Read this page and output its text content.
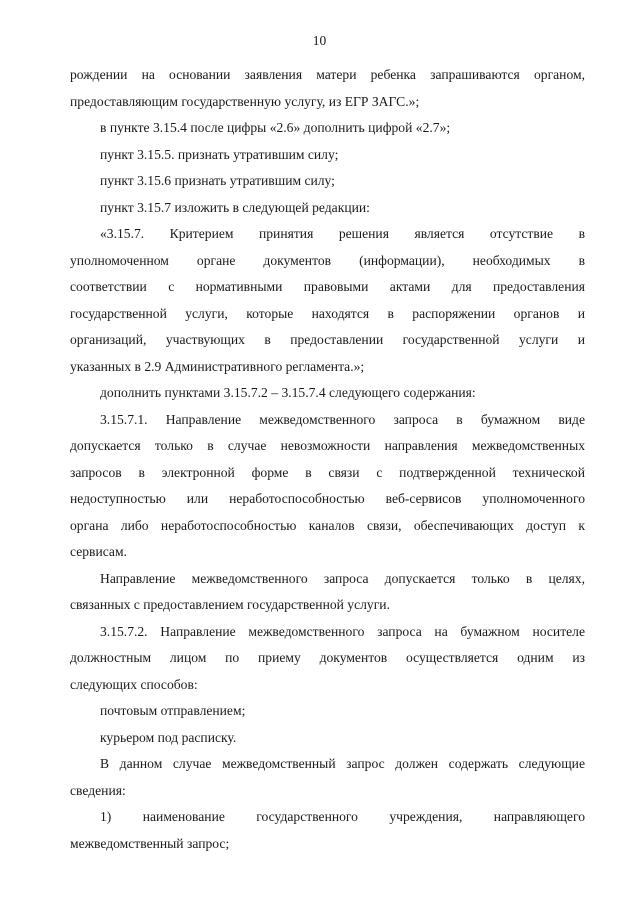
10
рождении на основании заявления матери ребенка запрашиваются органом,
предоставляющим государственную услугу, из ЕГР ЗАГС.»;
в пункте 3.15.4 после цифры «2.6» дополнить цифрой «2.7»;
пункт 3.15.5. признать утратившим силу;
пункт 3.15.6 признать утратившим силу;
пункт 3.15.7 изложить в следующей редакции:
«3.15.7. Критерием принятия решения является отсутствие в
уполномоченном органе документов (информации), необходимых в
соответствии с нормативными правовыми актами для предоставления
государственной услуги, которые находятся в распоряжении органов и
организаций, участвующих в предоставлении государственной услуги и
указанных в 2.9 Административного регламента.»;
дополнить пунктами 3.15.7.2 – 3.15.7.4 следующего содержания:
3.15.7.1. Направление межведомственного запроса в бумажном виде
допускается только в случае невозможности направления межведомственных
запросов в электронной форме в связи с подтвержденной технической
недоступностью или неработоспособностью веб-сервисов уполномоченного
органа либо неработоспособностью каналов связи, обеспечивающих доступ к
сервисам.
Направление межведомственного запроса допускается только в целях,
связанных с предоставлением государственной услуги.
3.15.7.2. Направление межведомственного запроса на бумажном носителе
должностным лицом по приему документов осуществляется одним из
следующих способов:
почтовым отправлением;
курьером под расписку.
В данном случае межведомственный запрос должен содержать следующие
сведения:
1) наименование государственного учреждения, направляющего
межведомственный запрос;
